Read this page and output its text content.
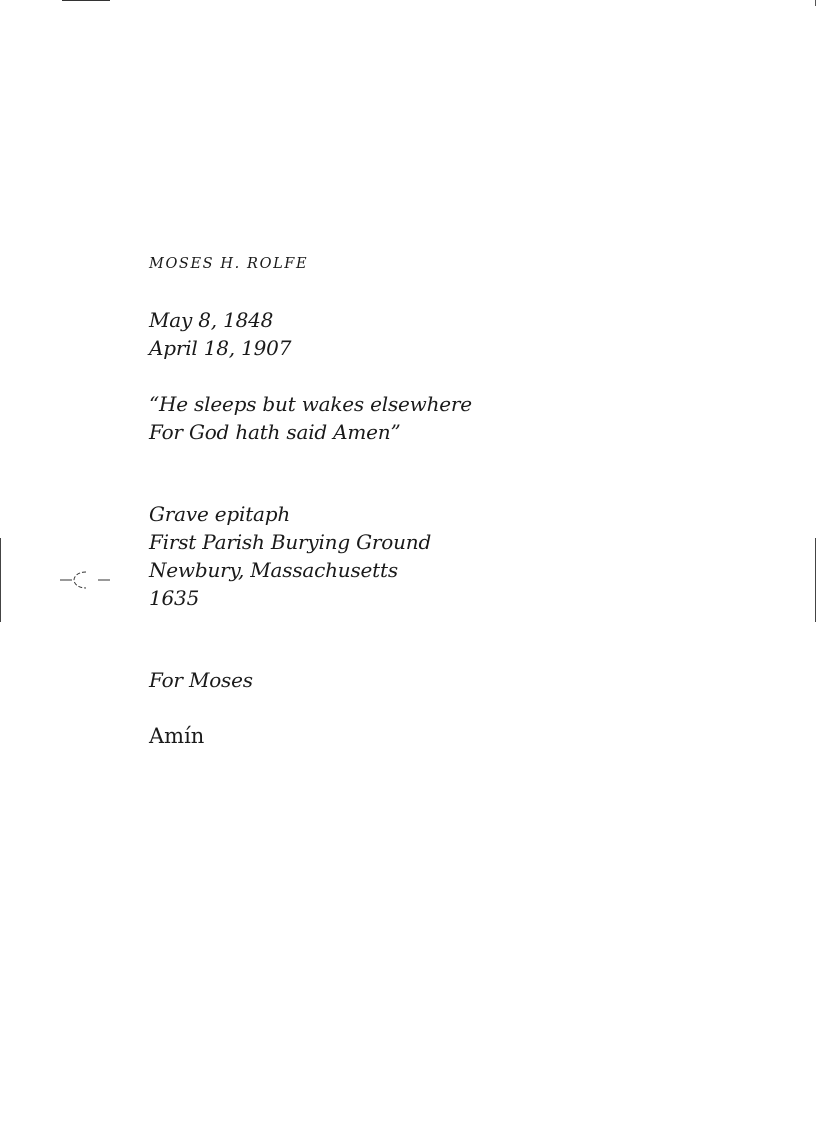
MOSES H. ROLFE
May 8, 1848
April 18, 1907
“He sleeps but wakes elsewhere
For God hath said Amen”
Grave epitaph
First Parish Burying Ground
Newbury, Massachusetts
1635
For Moses
Amín
